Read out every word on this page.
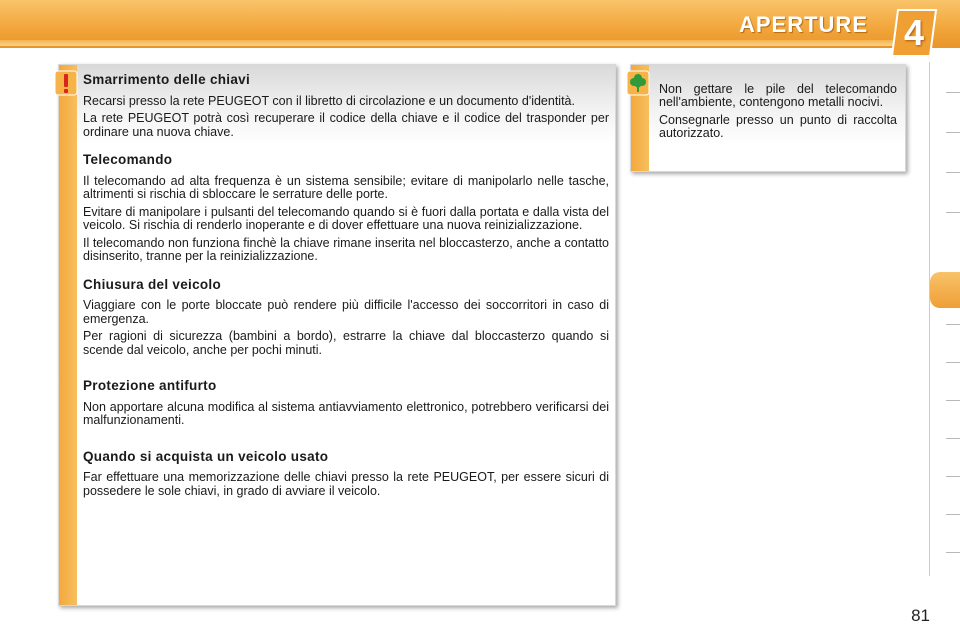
APERTURE 4
Smarrimento delle chiavi

Recarsi presso la rete PEUGEOT con il libretto di circolazione e un documento d'identità.

La rete PEUGEOT potrà così recuperare il codice della chiave e il codice del trasponder per ordinare una nuova chiave.

Telecomando

Il telecomando ad alta frequenza è un sistema sensibile; evitare di manipolarlo nelle tasche, altrimenti si rischia di sbloccare le serrature delle porte.

Evitare di manipolare i pulsanti del telecomando quando si è fuori dalla portata e dalla vista del veicolo. Si rischia di renderlo inoperante e di dover effettuare una nuova reinizializzazione.

Il telecomando non funziona finchè la chiave rimane inserita nel bloccasterzo, anche a contatto disinserito, tranne per la reinizializzazione.

Chiusura del veicolo

Viaggiare con le porte bloccate può rendere più difficile l'accesso dei soccorritori in caso di emergenza.

Per ragioni di sicurezza (bambini a bordo), estrarre la chiave dal bloccasterzo quando si scende dal veicolo, anche per pochi minuti.

Protezione antifurto

Non apportare alcuna modifica al sistema antiavviamento elettronico, potrebbero verificarsi dei malfunzionamenti.

Quando si acquista un veicolo usato

Far effettuare una memorizzazione delle chiavi presso la rete PEUGEOT, per essere sicuri di possedere le sole chiavi, in grado di avviare il veicolo.

Non gettare le pile del telecomando nell'ambiente, contengono metalli nocivi.

Consegnarle presso un punto di raccolta autorizzato.

81
